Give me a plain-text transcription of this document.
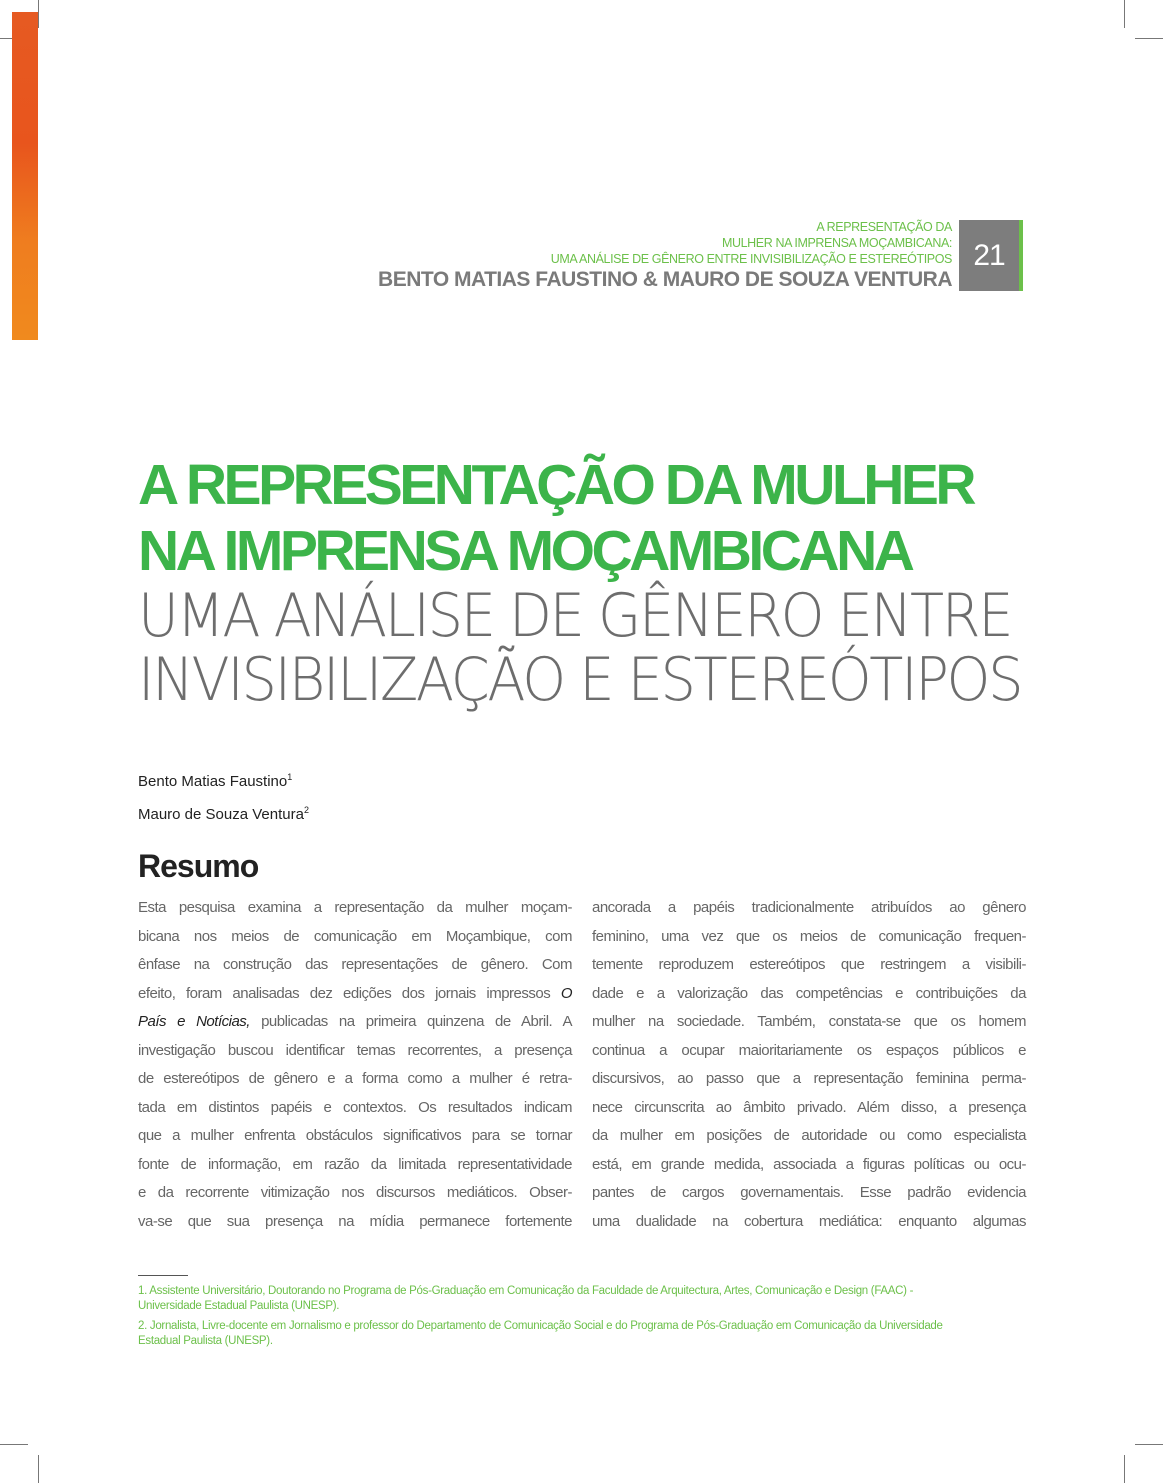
A REPRESENTAÇÃO DA
MULHER NA IMPRENSA MOÇAMBICANA:
UMA ANÁLISE DE GÊNERO ENTRE INVISIBILIZAÇÃO E ESTEREÓTIPOS
BENTO MATIAS FAUSTINO & MAURO DE SOUZA VENTURA
21
A REPRESENTAÇÃO DA MULHER
NA IMPRENSA MOÇAMBICANA
UMA ANÁLISE DE GÊNERO ENTRE
INVISIBILIZAÇÃO E ESTEREÓTIPOS
Bento Matias Faustino$^1$
Mauro de Souza Ventura$^2$
Resumo
Esta pesquisa examina a representação da mulher moçam-
bicana nos meios de comunicação em Moçambique, com
ênfase na construção das representações de gênero. Com
efeito, foram analisadas dez edições dos jornais impressos O
País e Notícias, publicadas na primeira quinzena de Abril. A
investigação buscou identificar temas recorrentes, a presença
de estereótipos de gênero e a forma como a mulher é retra-
tada em distintos papéis e contextos. Os resultados indicam
que a mulher enfrenta obstáculos significativos para se tornar
fonte de informação, em razão da limitada representatividade
e da recorrente vitimização nos discursos mediáticos. Obser-
va-se que sua presença na mídia permanece fortemente
ancorada a papéis tradicionalmente atribuídos ao gênero
feminino, uma vez que os meios de comunicação frequen-
temente reproduzem estereótipos que restringem a visibili-
dade e a valorização das competências e contribuições da
mulher na sociedade. Também, constata-se que os homem
continua a ocupar maioritariamente os espaços públicos e
discursivos, ao passo que a representação feminina perma-
nece circunscrita ao âmbito privado. Além disso, a presença
da mulher em posições de autoridade ou como especialista
está, em grande medida, associada a figuras políticas ou ocu-
pantes de cargos governamentais. Esse padrão evidencia
uma dualidade na cobertura mediática: enquanto algumas
1. Assistente Universitário, Doutorando no Programa de Pós-Graduação em Comunicação da Faculdade de Arquitectura, Artes, Comunicação e Design (FAAC) - Universidade Estadual Paulista (UNESP).
2. Jornalista, Livre-docente em Jornalismo e professor do Departamento de Comunicação Social e do Programa de Pós-Graduação em Comunicação da Universidade Estadual Paulista (UNESP).
